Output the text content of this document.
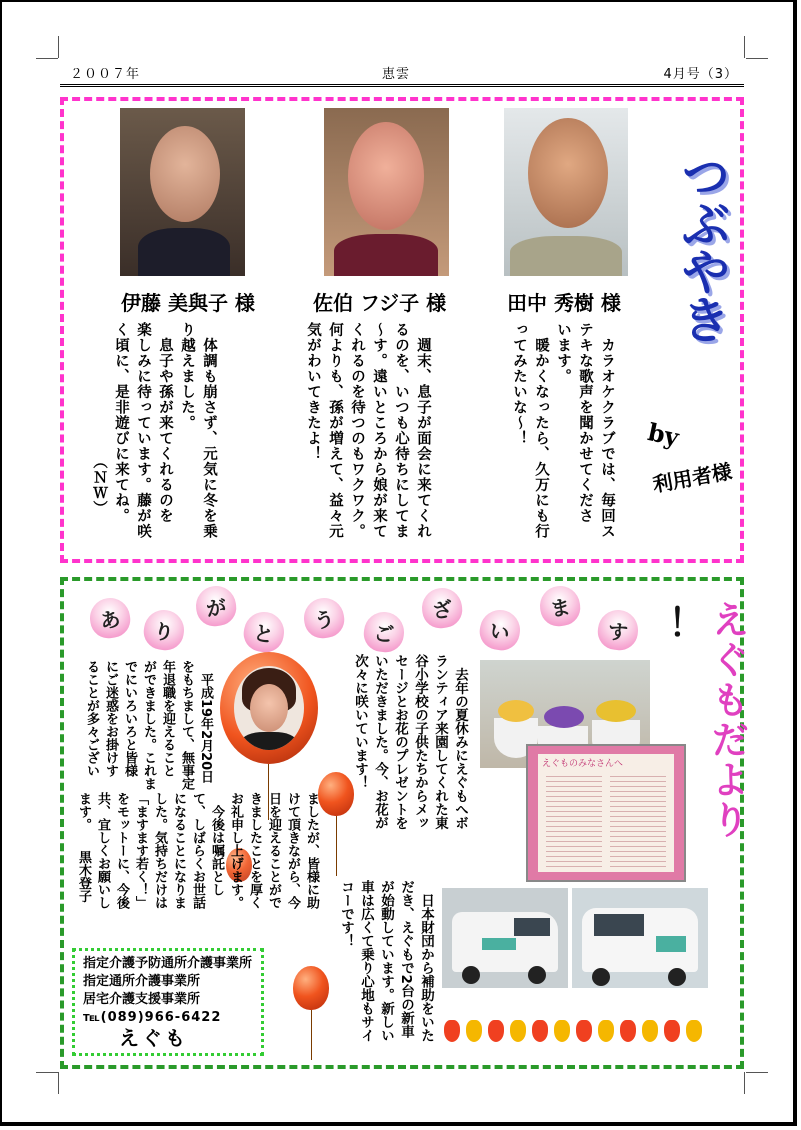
２００７年	恵雲	4月号（3）
伊藤 美與子 様	佐伯 フジ子 様	田中 秀樹 様
　体調も崩さず、元気に冬を乗
り越えました。
　息子や孫が来てくれるのを
楽しみに待っています。藤が咲
く頃に、是非遊びに来てね。
　　　　　　　　　（ＮＷ）	　週末、息子が面会に来てくれ
るのを、いつも心待ちにしてま
～す。遠いところから娘が来て
くれるのを待つのもワクワク。
何よりも、孫が増えて、益々元
気がわいてきたよ！	　カラオケクラブでは、毎回ス
テキな歌声を聞かせてくださ
います。
　暖かくなったら、久万にも行
ってみたいな～！
つぶやき
by
利用者様
あ り
が
と
う
ご
ざ
い
ま
す ！
えぐもだより
　平成19年2月20日
をもちまして、無事定
年退職を迎えること
ができました。これま
でにいろいろと皆様
にご迷惑をお掛けす
ることが多々ござい
ましたが、皆様に助
けて頂きながら、今
日を迎えることがで
きましたことを厚く
お礼申し上げます。
　今後は嘱託とし
て、しばらくお世話
になることになりま
した。気持ちだけは
「ますます若く！」
をモットーに、今後
共、宜しくお願いし
ます。　　黒木登子
　去年の夏休みにえぐもへボ
ランティア来園してくれた東
谷小学校の子供たちからメッ
セージとお花のプレゼントを
いただきました。今、お花が
次々に咲いています！	えぐものみなさんへ
　日本財団から補助をいた
だき、えぐもで2台の新車
が始動しています。新しい
車は広くて乗り心地もサイ
コーです！
指定介護予防通所介護事業所
指定通所介護事業所
居宅介護支援事業所
℡(089)966-6422
えぐも
